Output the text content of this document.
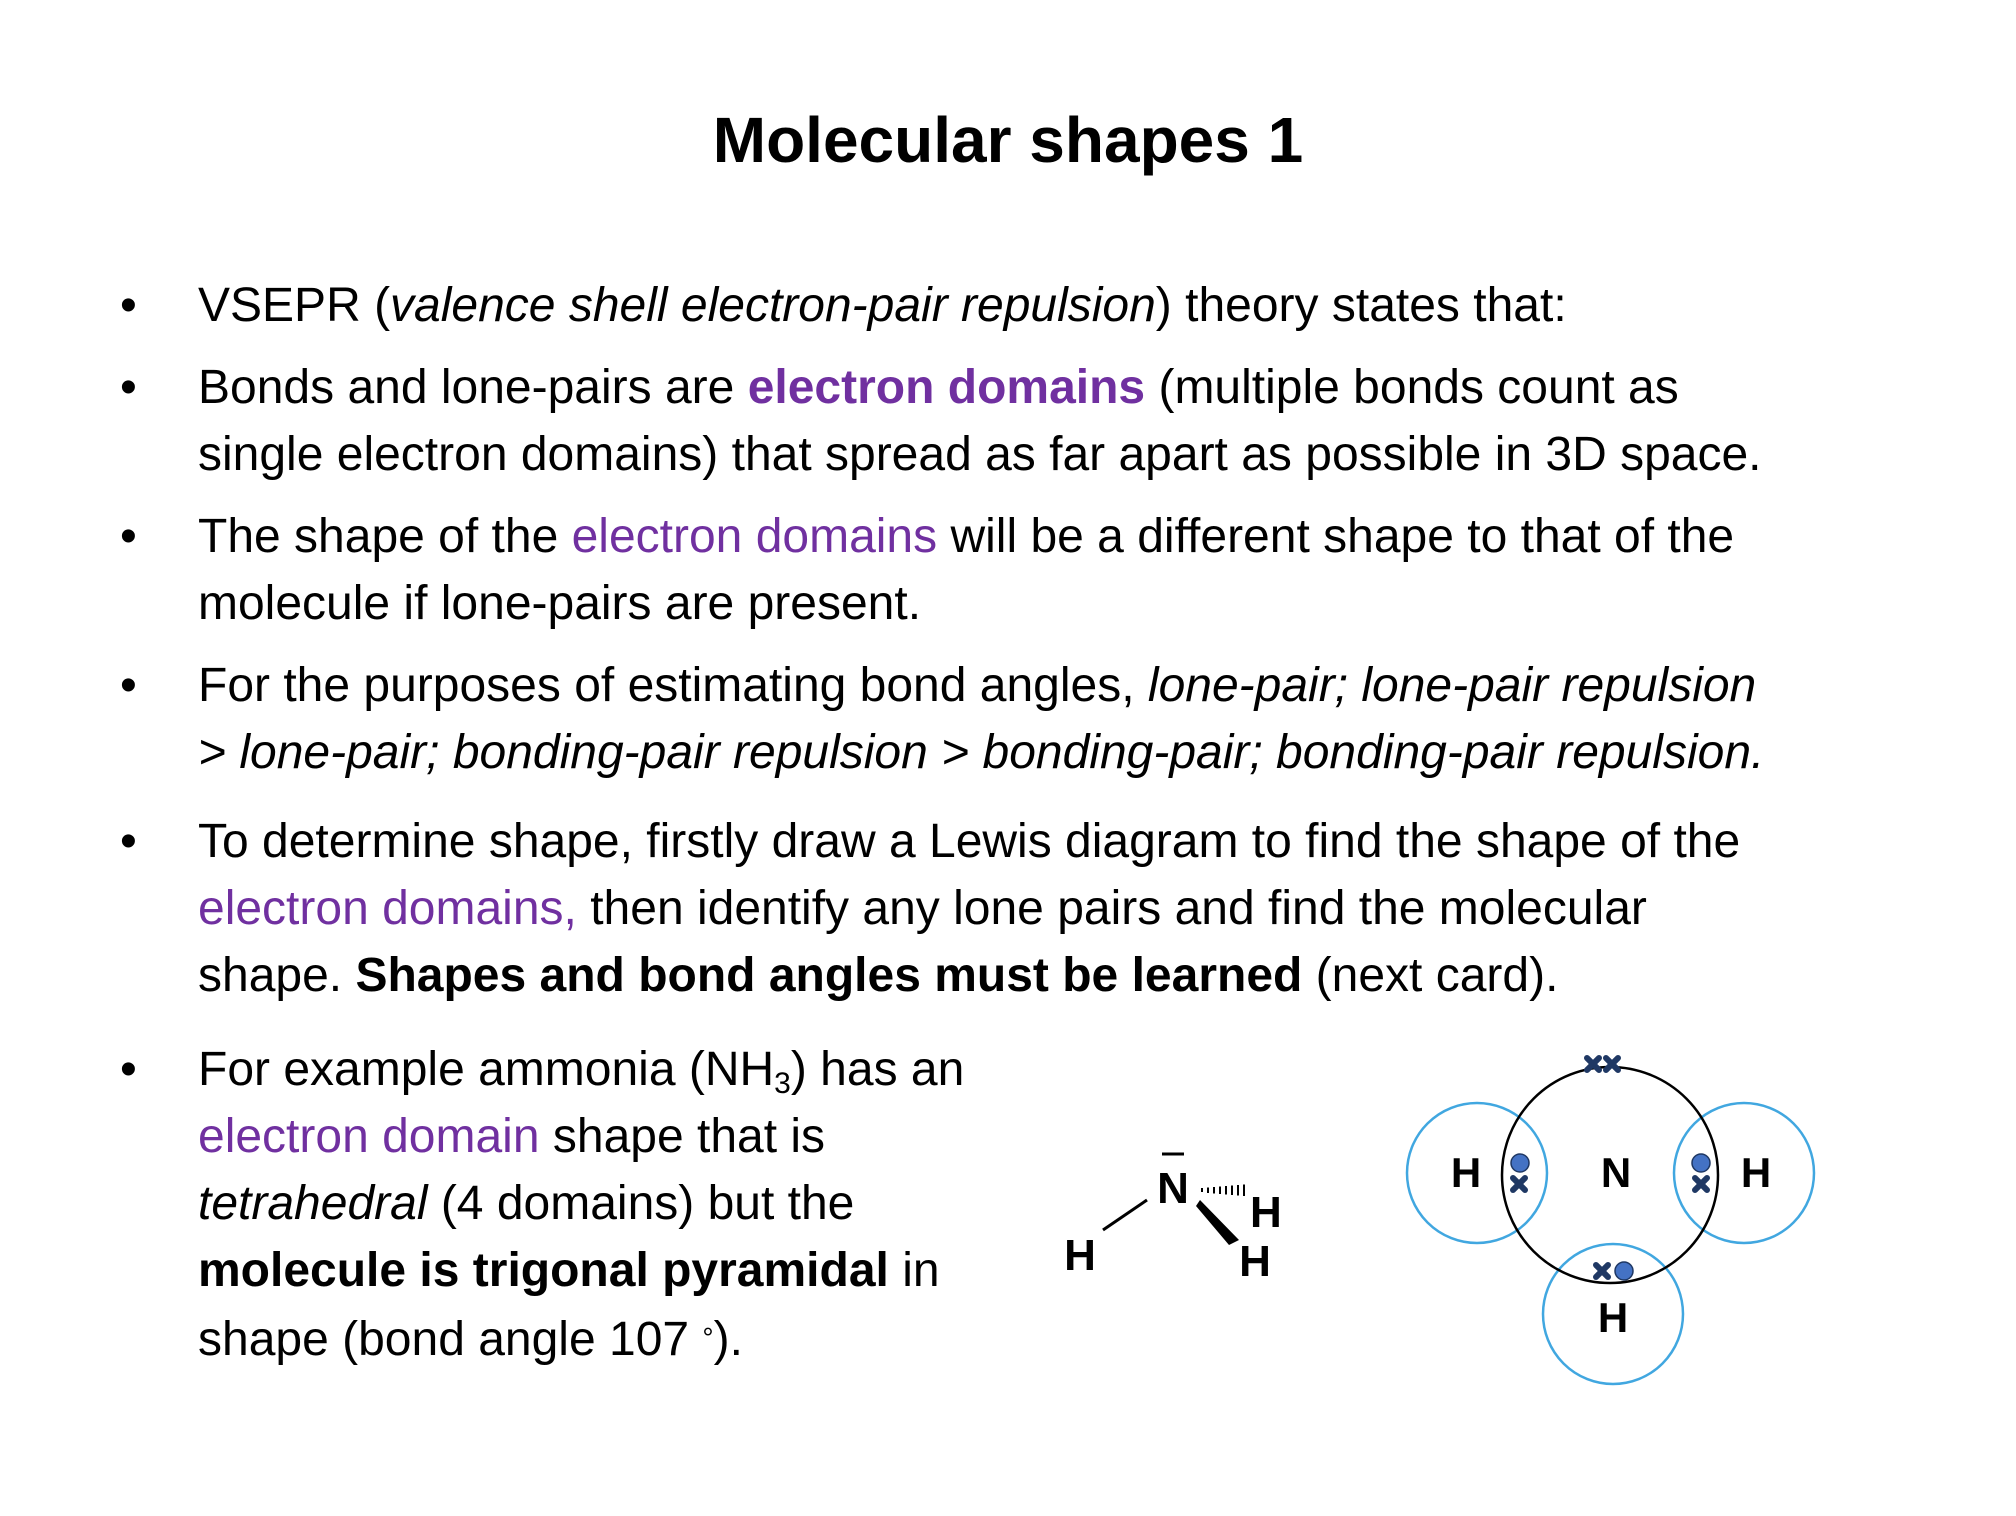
Molecular shapes 1
•	VSEPR (valence shell electron-pair repulsion) theory states that:
•	Bonds and lone-pairs are electron domains (multiple bonds count as
single electron domains) that spread as far apart as possible in 3D space.
•	The shape of the electron domains will be a different shape to that of the
molecule if lone-pairs are present.
•	For the purposes of estimating bond angles, lone-pair; lone-pair repulsion
> lone-pair; bonding-pair repulsion > bonding-pair; bonding-pair repulsion.
•	To determine shape, firstly draw a Lewis diagram to find the shape of the
electron domains, then identify any lone pairs and find the molecular
shape. Shapes and bond angles must be learned (next card).
•	For example ammonia $(NH_3)$ has an
electron domain shape that is
tetrahedral (4 domains) but the
molecule is trigonal pyramidal in
shape (bond angle 107 °).
N H
H	H
H	N	H
H
